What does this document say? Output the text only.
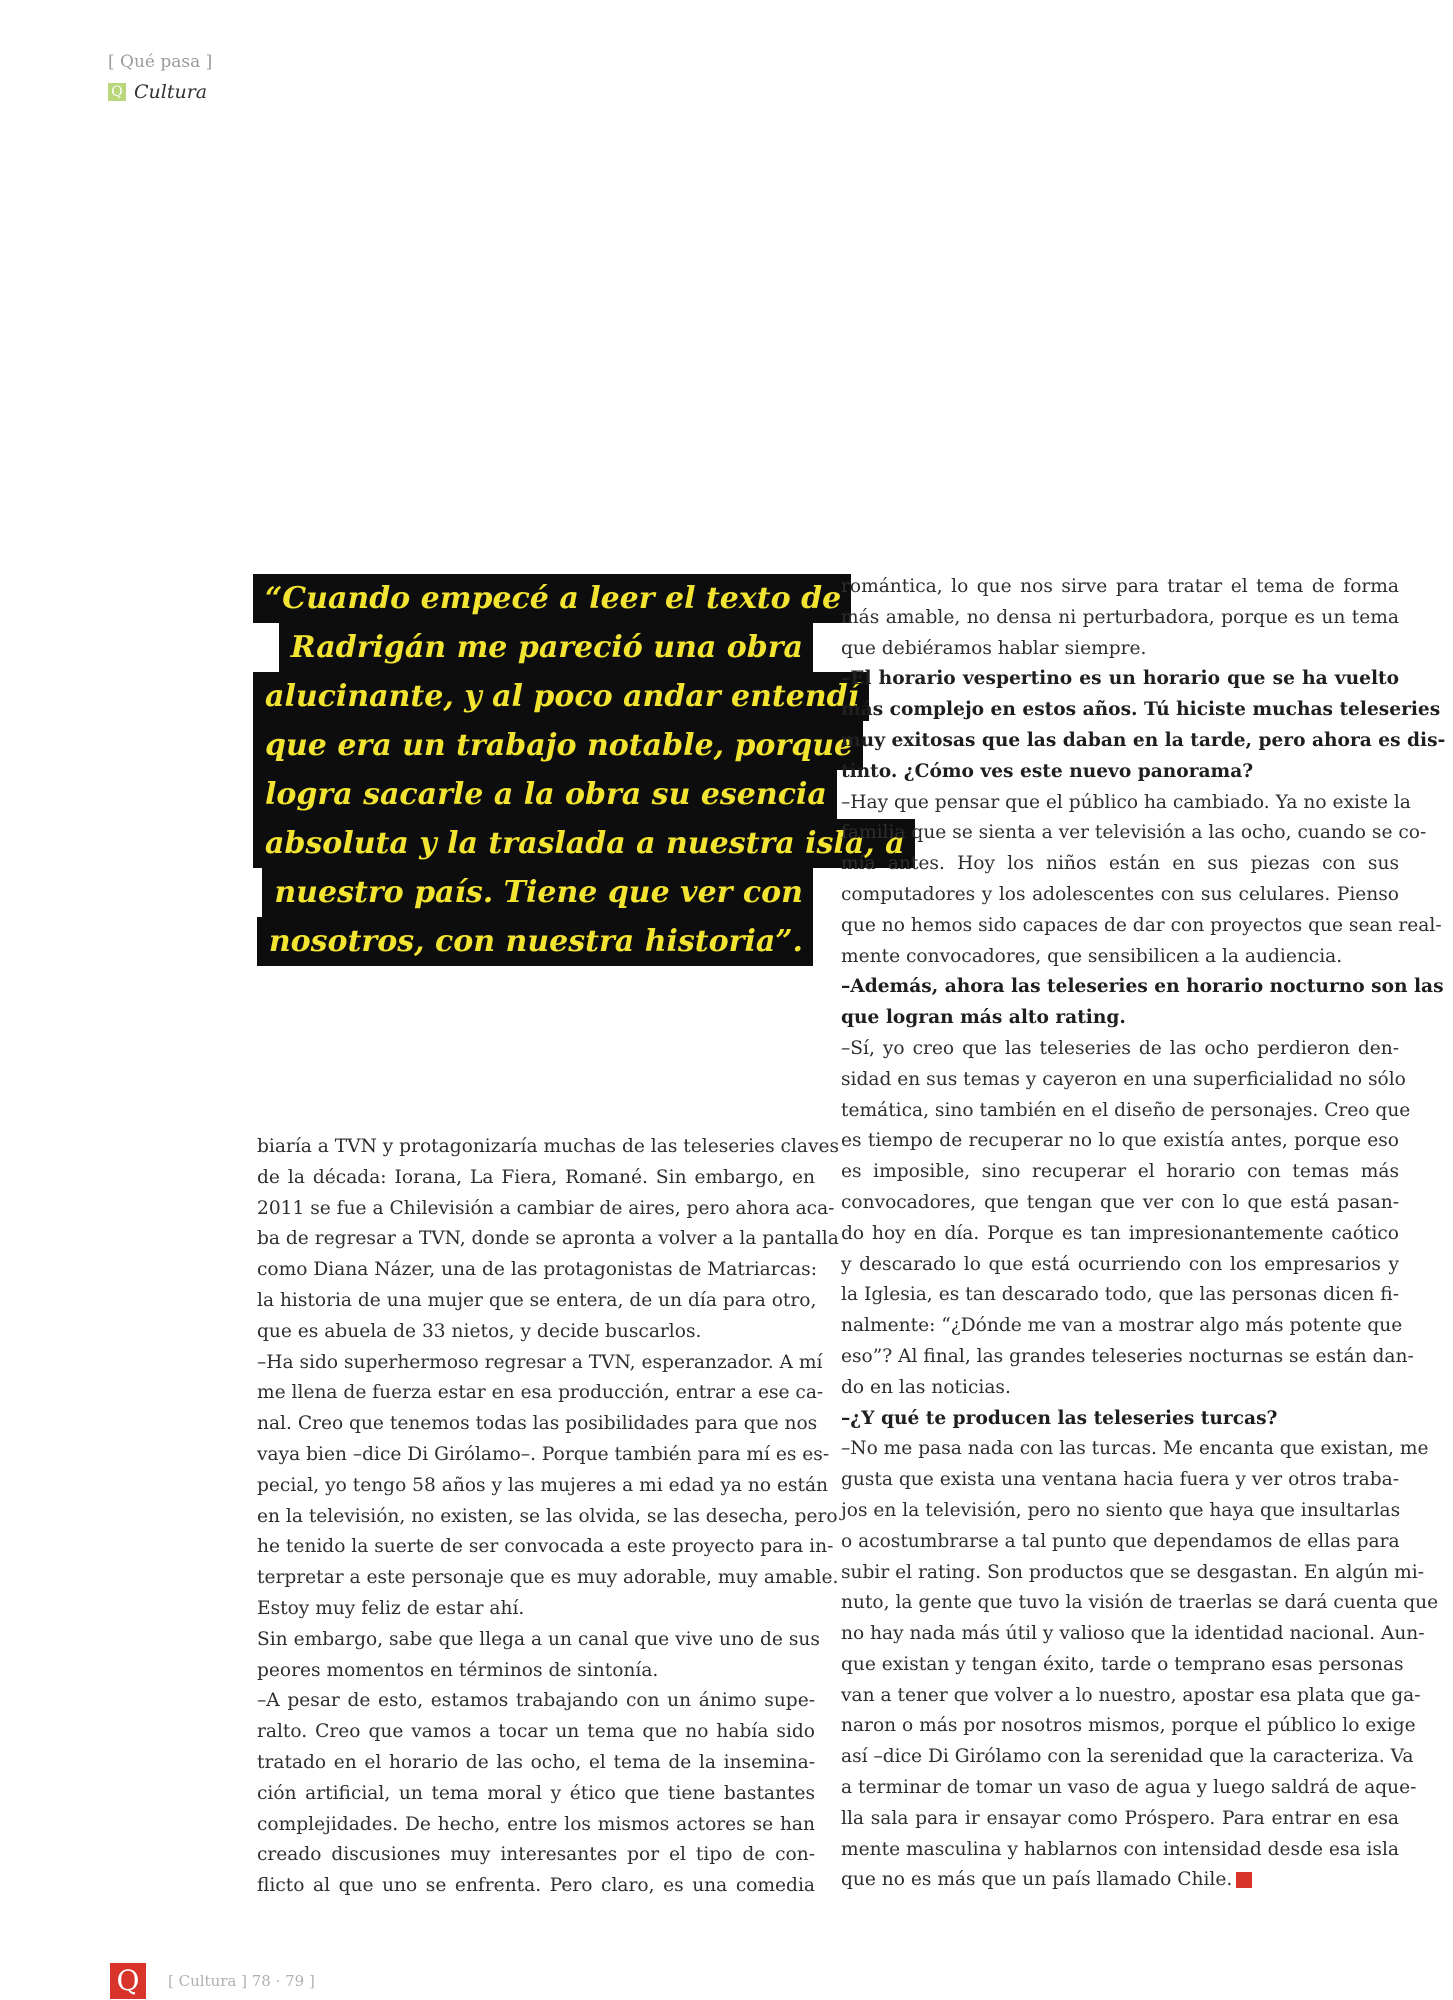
[ Qué pasa ]
Q Cultura
“Cuando empecé a leer el texto de
Radrigán me pareció una obra
alucinante, y al poco andar entendí
que era un trabajo notable, porque
logra sacarle a la obra su esencia
absoluta y la traslada a nuestra isla, a
nuestro país. Tiene que ver con
nosotros, con nuestra historia”.
biaría a TVN y protagonizaría muchas de las teleseries claves
de la década: Iorana, La Fiera, Romané. Sin embargo, en
2011 se fue a Chilevisión a cambiar de aires, pero ahora aca-
ba de regresar a TVN, donde se apronta a volver a la pantalla
como Diana Názer, una de las protagonistas de Matriarcas:
la historia de una mujer que se entera, de un día para otro,
que es abuela de 33 nietos, y decide buscarlos.
–Ha sido superhermoso regresar a TVN, esperanzador. A mí
me llena de fuerza estar en esa producción, entrar a ese ca-
nal. Creo que tenemos todas las posibilidades para que nos
vaya bien –dice Di Girólamo–. Porque también para mí es es-
pecial, yo tengo 58 años y las mujeres a mi edad ya no están
en la televisión, no existen, se las olvida, se las desecha, pero
he tenido la suerte de ser convocada a este proyecto para in-
terpretar a este personaje que es muy adorable, muy amable.
Estoy muy feliz de estar ahí.
Sin embargo, sabe que llega a un canal que vive uno de sus
peores momentos en términos de sintonía.
–A pesar de esto, estamos trabajando con un ánimo supe-
ralto. Creo que vamos a tocar un tema que no había sido
tratado en el horario de las ocho, el tema de la insemina-
ción artificial, un tema moral y ético que tiene bastantes
complejidades. De hecho, entre los mismos actores se han
creado discusiones muy interesantes por el tipo de con-
flicto al que uno se enfrenta. Pero claro, es una comedia
romántica, lo que nos sirve para tratar el tema de forma
más amable, no densa ni perturbadora, porque es un tema
que debiéramos hablar siempre.
–El horario vespertino es un horario que se ha vuelto
más complejo en estos años. Tú hiciste muchas teleseries
muy exitosas que las daban en la tarde, pero ahora es dis-
tinto. ¿Cómo ves este nuevo panorama?
–Hay que pensar que el público ha cambiado. Ya no existe la
familia que se sienta a ver televisión a las ocho, cuando se co-
mía antes. Hoy los niños están en sus piezas con sus
computadores y los adolescentes con sus celulares. Pienso
que no hemos sido capaces de dar con proyectos que sean real-
mente convocadores, que sensibilicen a la audiencia.
–Además, ahora las teleseries en horario nocturno son las
que logran más alto rating.
–Sí, yo creo que las teleseries de las ocho perdieron den-
sidad en sus temas y cayeron en una superficialidad no sólo
temática, sino también en el diseño de personajes. Creo que
es tiempo de recuperar no lo que existía antes, porque eso
es imposible, sino recuperar el horario con temas más
convocadores, que tengan que ver con lo que está pasan-
do hoy en día. Porque es tan impresionantemente caótico
y descarado lo que está ocurriendo con los empresarios y
la Iglesia, es tan descarado todo, que las personas dicen fi-
nalmente: “¿Dónde me van a mostrar algo más potente que
eso”? Al final, las grandes teleseries nocturnas se están dan-
do en las noticias.
–¿Y qué te producen las teleseries turcas?
–No me pasa nada con las turcas. Me encanta que existan, me
gusta que exista una ventana hacia fuera y ver otros traba-
jos en la televisión, pero no siento que haya que insultarlas
o acostumbrarse a tal punto que dependamos de ellas para
subir el rating. Son productos que se desgastan. En algún mi-
nuto, la gente que tuvo la visión de traerlas se dará cuenta que
no hay nada más útil y valioso que la identidad nacional. Aun-
que existan y tengan éxito, tarde o temprano esas personas
van a tener que volver a lo nuestro, apostar esa plata que ga-
naron o más por nosotros mismos, porque el público lo exige
así –dice Di Girólamo con la serenidad que la caracteriza. Va
a terminar de tomar un vaso de agua y luego saldrá de aque-
lla sala para ir ensayar como Próspero. Para entrar en esa
mente masculina y hablarnos con intensidad desde esa isla
que no es más que un país llamado Chile.
Q	[ Cultura ] 78 · 79 ]
